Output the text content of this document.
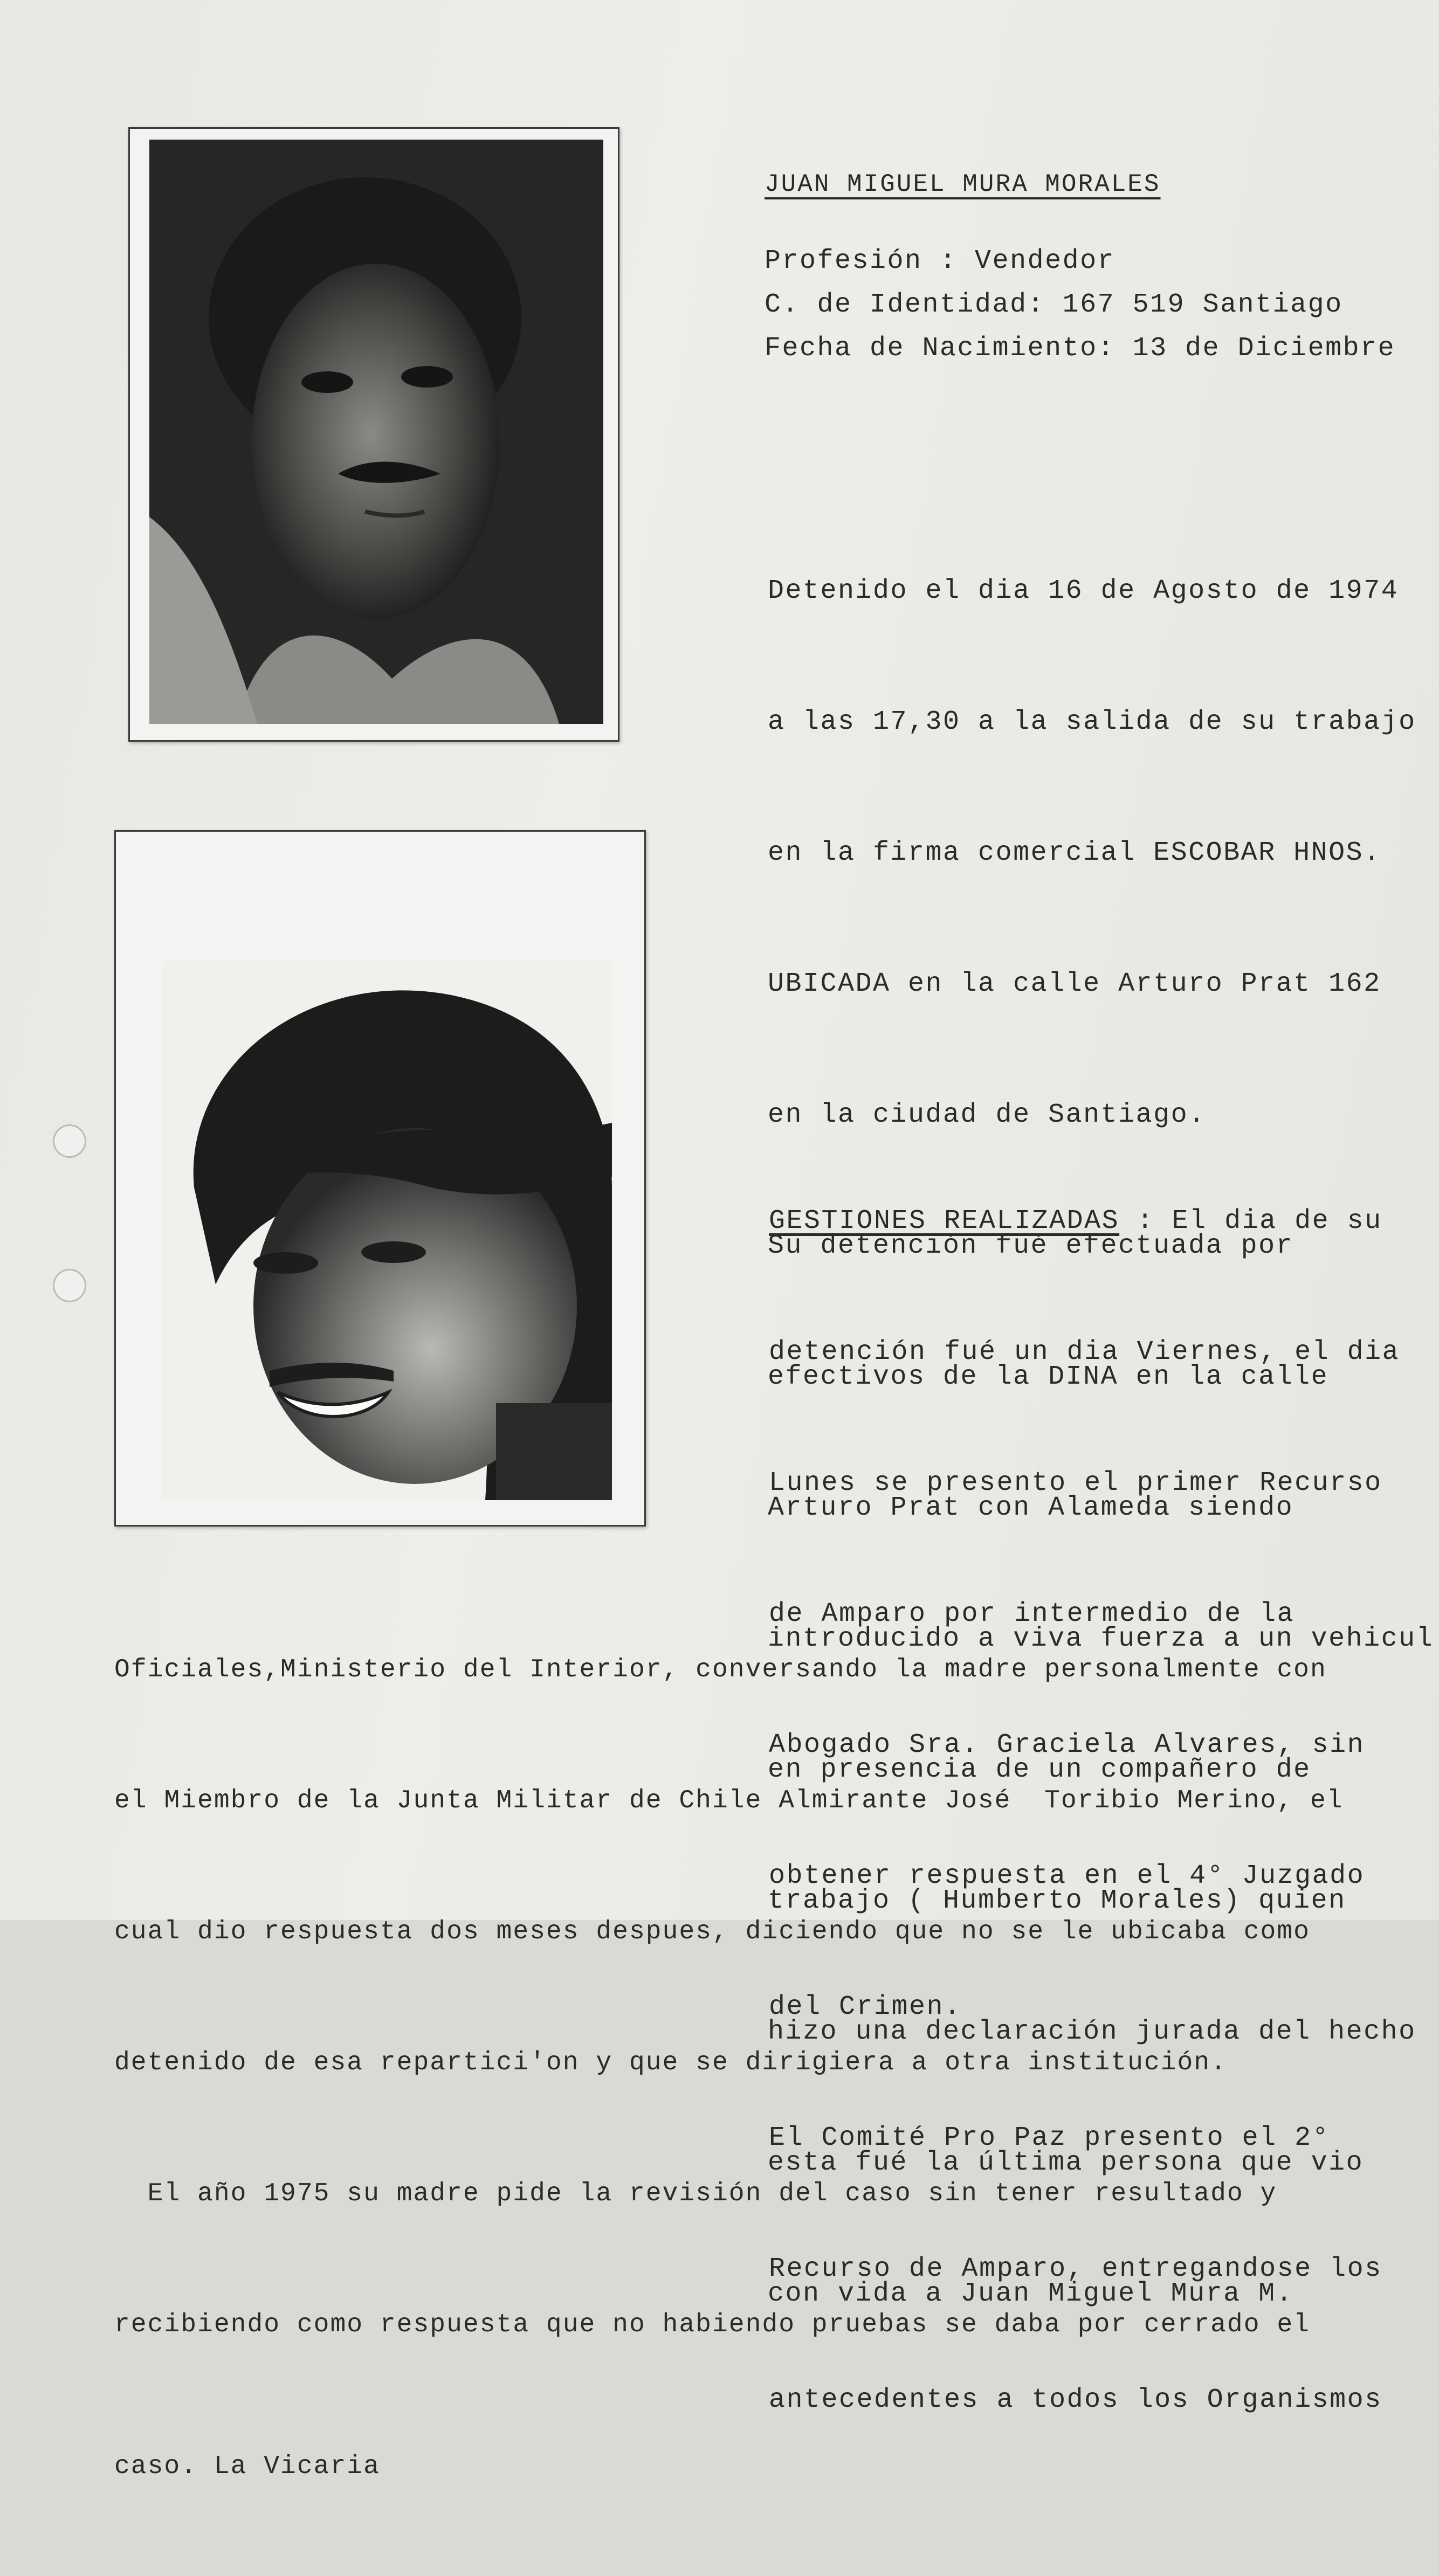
JUAN MIGUEL MURA MORALES
Profesión : Vendedor
C. de Identidad: 167 519 Santiago
Fecha de Nacimiento: 13 de Diciembre

Detenido el dia 16 de Agosto de 1974

a las 17,30 a la salida de su trabajo

en la firma comercial ESCOBAR HNOS.

UBICADA en la calle Arturo Prat 162

en la ciudad de Santiago.

Su detención fué efectuada por

efectivos de la DINA en la calle

Arturo Prat con Alameda siendo

introducido a viva fuerza a un vehicul

en presencia de un compañero de

trabajo ( Humberto Morales) quien

hizo una declaración jurada del hecho

esta fué la última persona que vio

con vida a Juan Miguel Mura M.

GESTIONES REALIZADAS : El dia de su

detención fué un dia Viernes, el dia

Lunes se presento el primer Recurso

de Amparo por intermedio de la

Abogado Sra. Graciela Alvares, sin

obtener respuesta en el 4° Juzgado

del Crimen.

El Comité Pro Paz presento el 2°

Recurso de Amparo, entregandose los

antecedentes a todos los Organismos

Oficiales,Ministerio del Interior, conversando la madre personalmente con

el Miembro de la Junta Militar de Chile Almirante José  Toribio Merino, el

cual dio respuesta dos meses despues, diciendo que no se le ubicaba como

detenido de esa reparticiʹon y que se dirigiera a otra institución.

El año 1975 su madre pide la revisión del caso sin tener resultado y

recibiendo como respuesta que no habiendo pruebas se daba por cerrado el

caso. La Vicaria
